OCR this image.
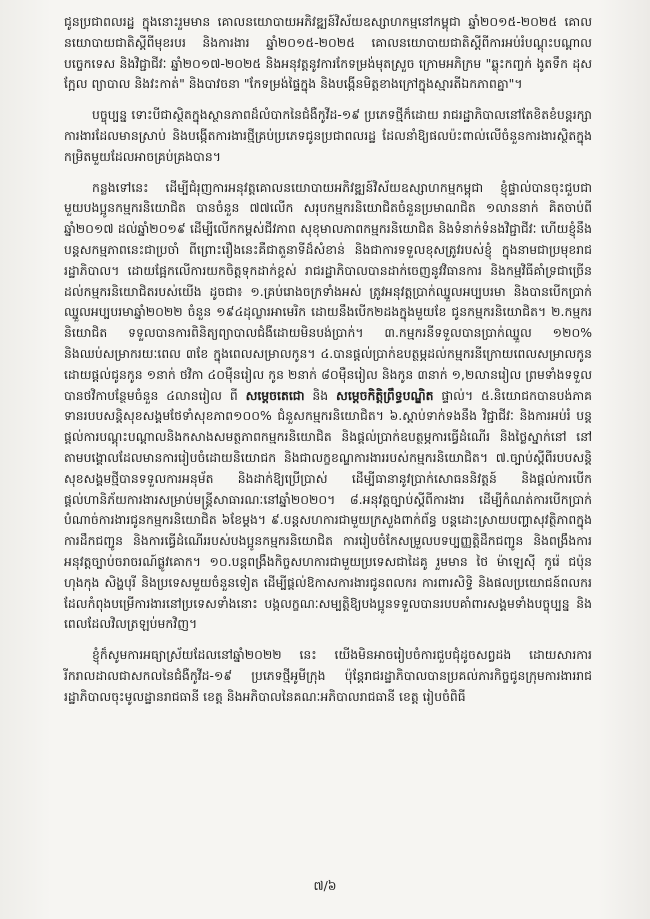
ជូនប្រជាពលរដ្ឋ ក្នុងនោះរួមមាន គោលនយោបាយអភិវឌ្ឍន៍វិស័យឧស្សាហកម្មនៅកម្ពុជា ឆ្នាំ២០១៥-២០២៥ គោលនយោបាយជាតិស្តីពីមុខរបរ និងការងារ ឆ្នាំ២០១៥-២០២៥ គោលនយោបាយជាតិស្តីពីការអប់រំបណ្តុះបណ្តាលបច្ចេកទេស និងវិជ្ជាជីវៈ ឆ្នាំ២០១៧-២០២៥ និងអនុវត្តនូវការកែទម្រង់មុតស្រួច ក្រោមអភិក្រម "ឆ្លុះកញ្ចក់ ងូតទឹក ដុសក្អែល ព្យាបាល និងវះកាត់" និងបាវចនា "កែទម្រង់ផ្ទៃក្នុង និងបង្កើនមិត្តខាងក្រៅក្នុងស្មារតីឯកភាពគ្នា"។

បច្ចុប្បន្ន ទោះបីជាស្ថិតក្នុងស្ថានភាពដ៏លំបាកនៃជំងឺកូវីដ-១៩ ប្រភេទថ្មីក៏ដោយ រាជរដ្ឋាភិបាលនៅតែខិតខំបន្តរក្សាការងារដែលមានស្រាប់ និងបង្កើតការងារថ្មីគ្រប់ប្រភេទជូនប្រជាពលរដ្ឋ ដែលនាំឱ្យផលប៉ះពាល់លើចំនួនការងារស្ថិតក្នុងកម្រិតមួយដែលអាចគ្រប់គ្រងបាន។

កន្លងទៅនេះ ដើម្បីជំរុញការអនុវត្តគោលនយោបាយអភិវឌ្ឍន៍វិស័យឧស្សាហកម្មកម្ពុជា ខ្ញុំផ្ទាល់បានចុះជួបជាមួយបងប្អូនកម្មករនិយោជិត បានចំនួន ៧៧លើក សរុបកម្មករនិយោជិតចំនួនប្រមាណជិត ១លាននាក់ គិតចាប់ពីឆ្នាំ២០១៧ ដល់ឆ្នាំ២០១៩ ដើម្បីលើកកម្ពស់ជីវភាព សុខុមាលភាពកម្មករនិយោជិត និងទំនាក់ទំនងវិជ្ជាជីវៈ ហើយខ្ញុំនឹងបន្តសកម្មភាពនេះជាប្រចាំ ពីព្រោះរឿងនេះគឺជាតួនាទីដ៏សំខាន់ និងជាការទទួលខុសត្រូវរបស់ខ្ញុំ ក្នុងនាមជាប្រមុខរាជរដ្ឋាភិបាល។ ដោយផ្អែកលើការយកចិត្តទុកដាក់ខ្ពស់ រាជរដ្ឋាភិបាលបានដាក់ចេញនូវវិធានការ និងកម្មវិធីគាំទ្រជាច្រើនដល់កម្មករនិយោជិតរបស់យើង ដូចជា៖ ១.គ្រប់រោងចក្រទាំងអស់ ត្រូវអនុវត្តប្រាក់ឈ្នួលអប្បបរមា និងបានបើកប្រាក់ឈ្នួលអប្បបរមាឆ្នាំ២០២២ ចំនួន ១៩៤ដុល្លារអាមេរិក ដោយនឹងបើក២ដងក្នុងមួយខែ ជូនកម្មករនិយោជិត។ ២.កម្មករនិយោជិត ទទួលបានការពិនិត្យព្យាបាលជំងឺដោយមិនបង់ប្រាក់។ ៣.កម្មករនីទទួលបានប្រាក់ឈ្នួល ១២០% និងឈប់សម្រាករយៈពេល ៣ខែ ក្នុងពេលសម្រាលកូន។ ៤.បានផ្តល់ប្រាក់ឧបត្ថម្ភដល់កម្មករនីក្រោយពេលសម្រាលកូន ដោយផ្តល់ជូនកូន ១នាក់ ថវិកា ៤០ម៉ឺនរៀល កូន ២នាក់ ៨០ម៉ឺនរៀល និងកូន ៣នាក់ ១,២លានរៀល ព្រមទាំងទទួលបានថវិកាបន្ថែមចំនួន ៤លានរៀល ពី សម្តេចតេជោ និង សម្តេចកិត្តិព្រឹទ្ធបណ្ឌិត ផ្ទាល់។ ៥.និយោជកបានបង់ភាគទានរបបសន្តិសុខសង្គមថែទាំសុខភាព១០០% ជំនួសកម្មករនិយោជិត។ ៦.ស្តាប់ទាក់ទងនឹង វិជ្ជាជីវៈ និងការអប់រំ បន្តផ្តល់ការបណ្តុះបណ្តាលនិងកសាងសមត្ថភាពកម្មករនិយោជិត និងផ្តល់ប្រាក់ឧបត្ថម្ភការធ្វើដំណើរ និងថ្លៃស្នាក់នៅ នៅតាមបង្គោលដែលមានការរៀបចំដោយនិយោជក និងជាលក្ខខណ្ឌការងាររបស់កម្មករនិយោជិត។ ៧.ច្បាប់ស្តីពីរបបសន្តិសុខសង្គមថ្មីបានទទួលការអនុម័ត និងដាក់ឱ្យប្រើប្រាស់ ដើម្បីធានានូវប្រាក់សោធននិវត្តន៍ និងផ្តល់ការបើកផ្តល់ហានិភ័យការងារសម្រាប់មន្ត្រីសាធារណៈនៅឆ្នាំ២០២០។ ៨.អនុវត្តច្បាប់ស្តីពីការងារ ដើម្បីកំណត់ការបើកប្រាក់បំណាច់ការងារជូនកម្មករនិយោជិត ៦ខែម្តង។ ៩.បន្តសហការជាមួយក្រសួងពាក់ព័ន្ធ បន្តដោះស្រាយបញ្ហាសុវត្ថិភាពក្នុងការដឹកជញ្ជូន និងការធ្វើដំណើររបស់បងប្អូនកម្មករនិយោជិត ការរៀបចំកែសម្រួលបទប្បញ្ញត្តិដឹកជញ្ជូន និងពង្រឹងការអនុវត្តច្បាប់ចរាចរណ៍ផ្លូវគោក។ ១០.បន្តពង្រឹងកិច្ចសហការជាមួយប្រទេសជាដៃគូ រួមមាន ថៃ ម៉ាឡេស៊ី កូរ៉េ ជប៉ុន ហុងកុង សិង្ហបុរី និងប្រទេសមួយចំនួនទៀត ដើម្បីផ្តល់ឱកាសការងារជូនពលករ ការពារសិទ្ធិ និងផលប្រយោជន៍ពលករ ដែលកំពុងបម្រើការងារនៅប្រទេសទាំងនោះ បង្កលក្ខណៈសម្បត្តិឱ្យបងប្អូនទទួលបានរបបគាំពារសង្គមទាំងបច្ចុប្បន្ន និងពេលដែលវិលត្រឡប់មកវិញ។

ខ្ញុំក៏សូមការអធ្យាស្រ័យដែលនៅឆ្នាំ២០២២ នេះ យើងមិនអាចរៀបចំការជួបជុំដូចសព្វដង ដោយសារការរីករាលដាលជាសកលនៃជំងឺកូវីដ-១៩ ប្រភេទថ្មីអូមីក្រុង ប៉ុន្តែរាជរដ្ឋាភិបាលបានប្រគល់ភារកិច្ចជូនក្រុមការងាររាជរដ្ឋាភិបាលចុះមូលដ្ឋានរាជធានី ខេត្ត និងអភិបាលនៃគណៈអភិបាលរាជធានី ខេត្ត រៀបចំពិធី

៧/៦
